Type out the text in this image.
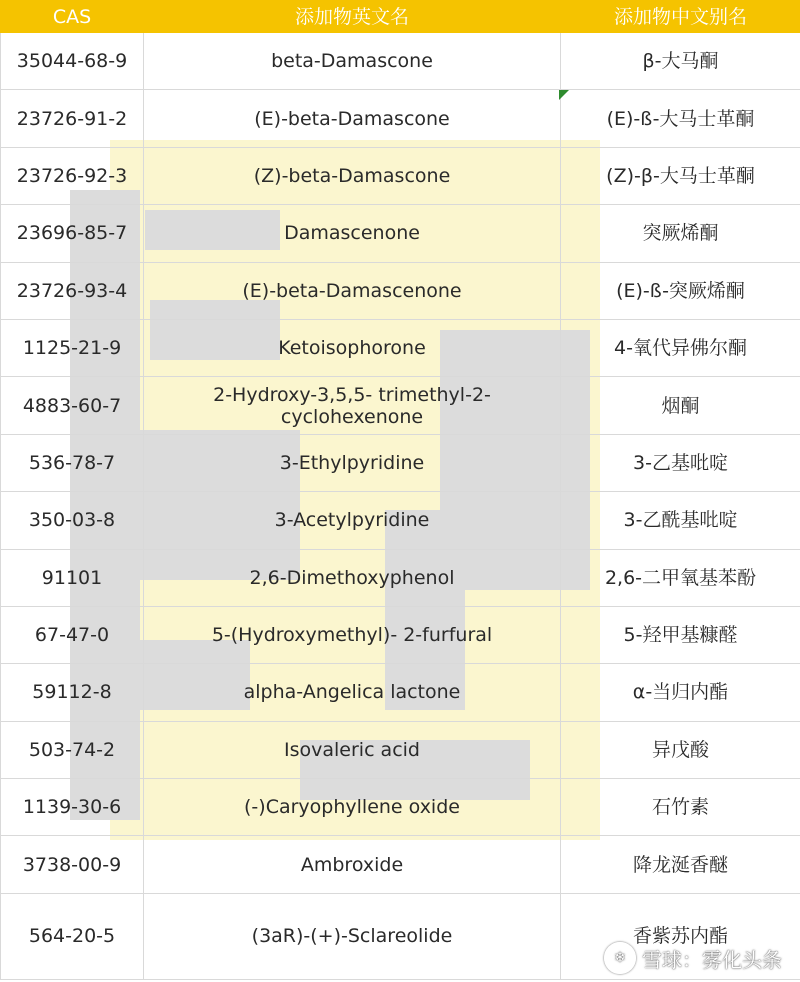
CAS	添加物英文名	添加物中文别名
35044-68-9	beta-Damascone	β-大马酮
23726-91-2	(E)-beta-Damascone	(E)-ß-大马士革酮
23726-92-3	(Z)-beta-Damascone	(Z)-β-大马士革酮
23696-85-7	Damascenone	突厥烯酮
23726-93-4	(E)-beta-Damascenone	(E)-ß-突厥烯酮
1125-21-9	Ketoisophorone	4-氧代异佛尔酮
4883-60-7	2-Hydroxy-3,5,5- trimethyl-2-cyclohexenone	烟酮
536-78-7	3-Ethylpyridine	3-乙基吡啶
350-03-8	3-Acetylpyridine	3-乙酰基吡啶
91101	2,6-Dimethoxyphenol	2,6-二甲氧基苯酚
67-47-0	5-(Hydroxymethyl)- 2-furfural	5-羟甲基糠醛
59112-8	alpha-Angelica lactone	α-当归内酯
503-74-2	Isovaleric acid	异戊酸
1139-30-6	(-)Caryophyllene oxide	石竹素
3738-00-9	Ambroxide	降龙涎香醚
564-20-5	(3aR)-(+)-Sclareolide	香紫苏内酯
❄ 雪球：雾化头条
